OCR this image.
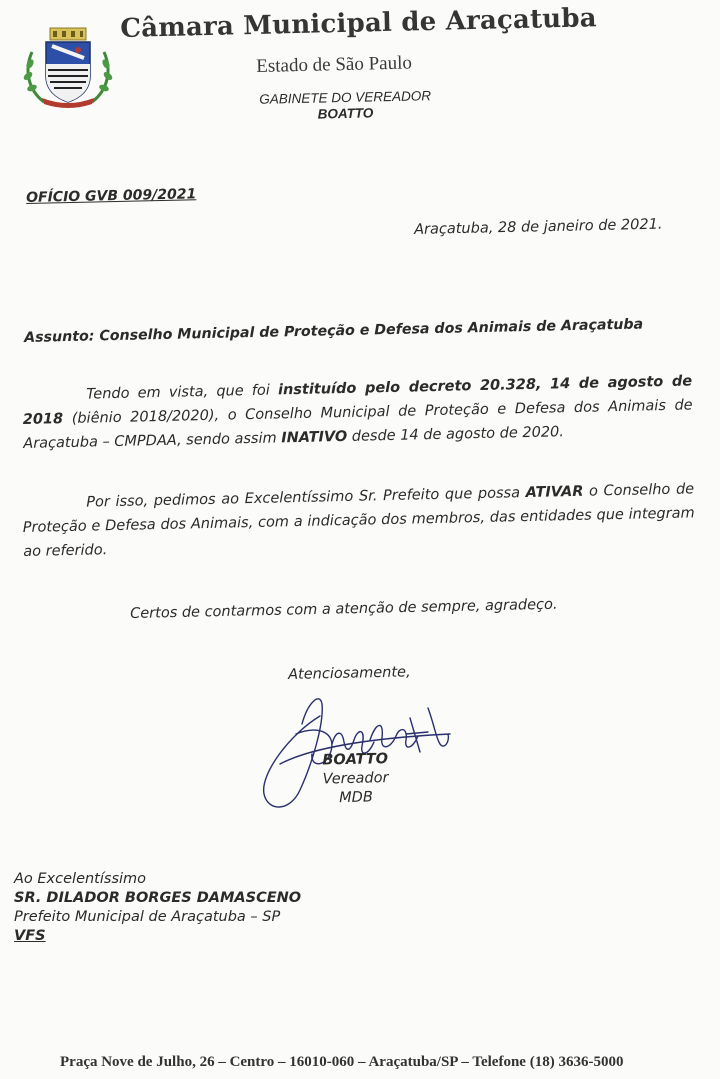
Câmara Municipal de Araçatuba
Estado de São Paulo
GABINETE DO VEREADOR
BOATTO
OFÍCIO GVB 009/2021
Araçatuba, 28 de janeiro de 2021.
Assunto: Conselho Municipal de Proteção e Defesa dos Animais de Araçatuba
Tendo em vista, que foi instituído pelo decreto 20.328, 14 de agosto de 2018 (biênio 2018/2020), o Conselho Municipal de Proteção e Defesa dos Animais de Araçatuba – CMPDAA, sendo assim INATIVO desde 14 de agosto de 2020.
Por isso, pedimos ao Excelentíssimo Sr. Prefeito que possa ATIVAR o Conselho de Proteção e Defesa dos Animais, com a indicação dos membros, das entidades que integram ao referido.
Certos de contarmos com a atenção de sempre, agradeço.
Atenciosamente,
BOATTO
Vereador
MDB
Ao Excelentíssimo
SR. DILADOR BORGES DAMASCENO
Prefeito Municipal de Araçatuba – SP
VFS
Praça Nove de Julho, 26 – Centro – 16010-060 – Araçatuba/SP – Telefone (18) 3636-5000
